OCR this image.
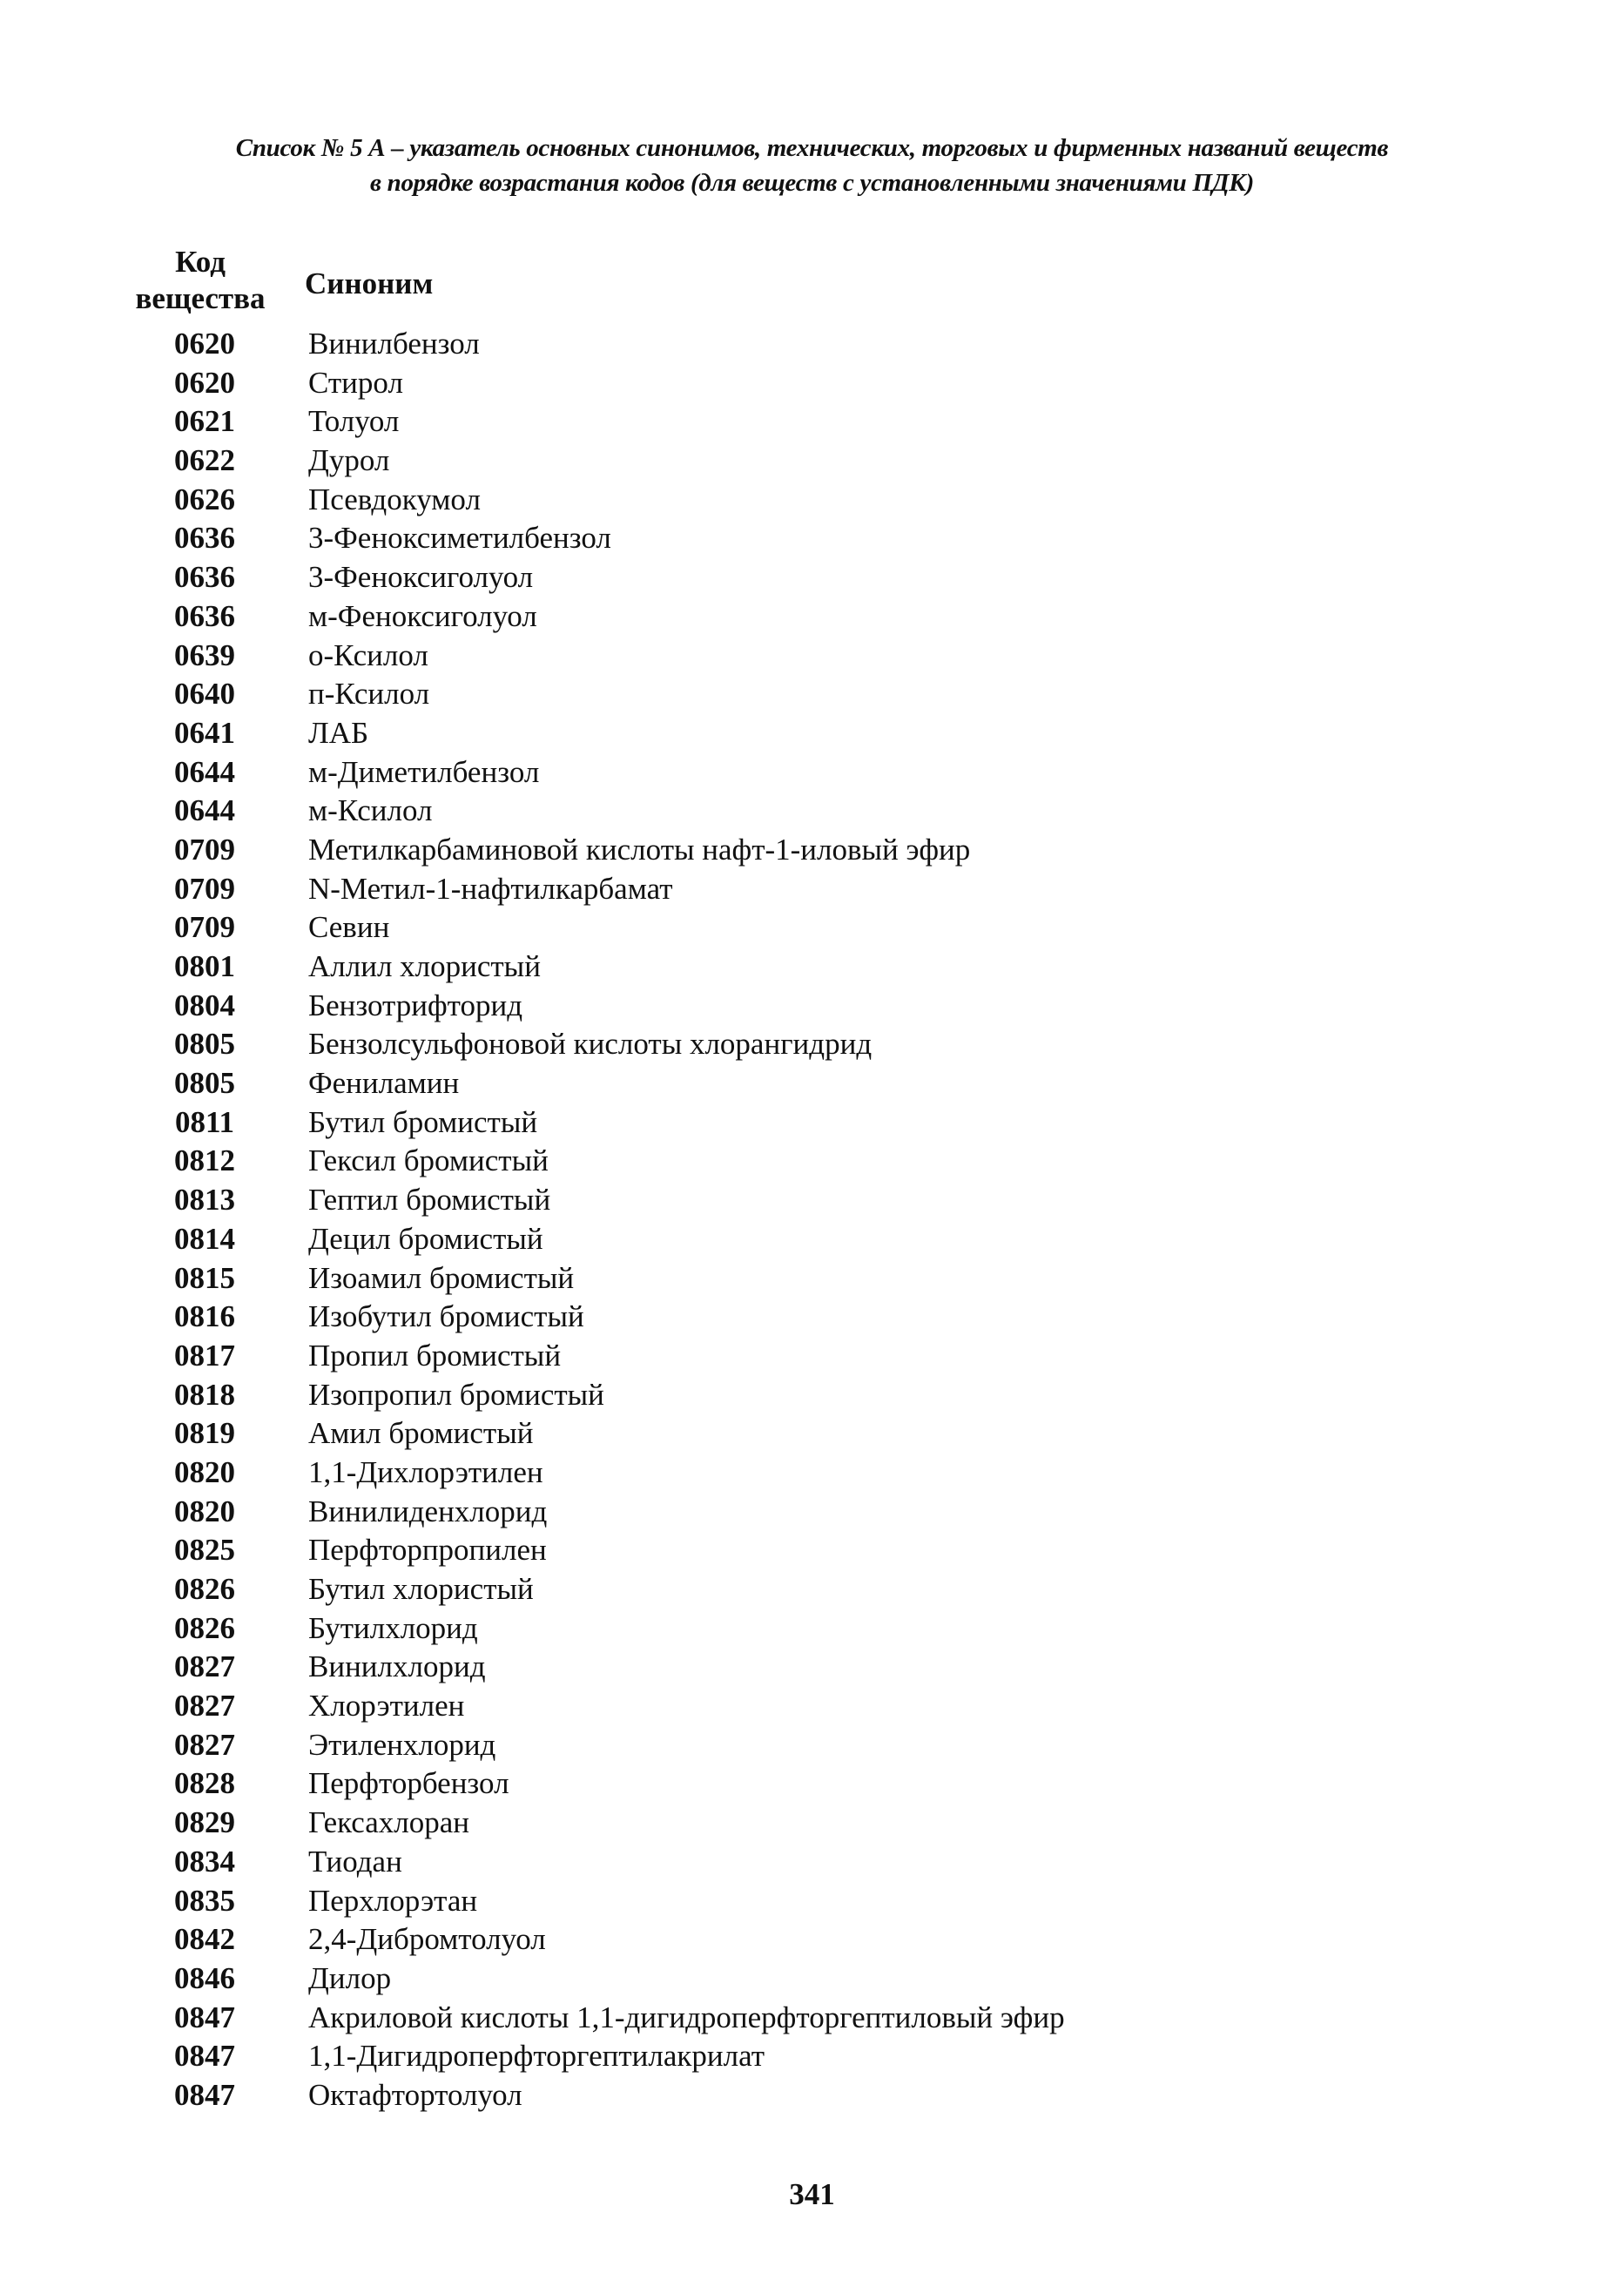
Список № 5 А – указатель основных синонимов, технических, торговых и фирменных названий веществ
в порядке возрастания кодов (для веществ с установленными значениями ПДК)
Код
вещества	Синоним
0620	Винилбензол
0620	Стирол
0621	Толуол
0622	Дурол
0626	Псевдокумол
0636	3-Феноксиметилбензол
0636	3-Феноксиголуол
0636	м-Феноксиголуол
0639	о-Ксилол
0640	п-Ксилол
0641	ЛАБ
0644	м-Диметилбензол
0644	м-Ксилол
0709	Метилкарбаминовой кислоты нафт-1-иловый эфир
0709	N-Метил-1-нафтилкарбамат
0709	Севин
0801	Аллил хлористый
0804	Бензотрифторид
0805	Бензолсульфоновой кислоты хлорангидрид
0805	Фениламин
0811	Бутил бромистый
0812	Гексил бромистый
0813	Гептил бромистый
0814	Децил бромистый
0815	Изоамил бромистый
0816	Изобутил бромистый
0817	Пропил бромистый
0818	Изопропил бромистый
0819	Амил бромистый
0820	1,1-Дихлорэтилен
0820	Винилиденхлорид
0825	Перфторпропилен
0826	Бутил хлористый
0826	Бутилхлорид
0827	Винилхлорид
0827	Хлорэтилен
0827	Этиленхлорид
0828	Перфторбензол
0829	Гексахлоран
0834	Тиодан
0835	Перхлорэтан
0842	2,4-Дибромтолуол
0846	Дилор
0847	Акриловой кислоты 1,1-дигидроперфторгептиловый эфир
0847	1,1-Дигидроперфторгептилакрилат
0847	Октафтортолуол
341
